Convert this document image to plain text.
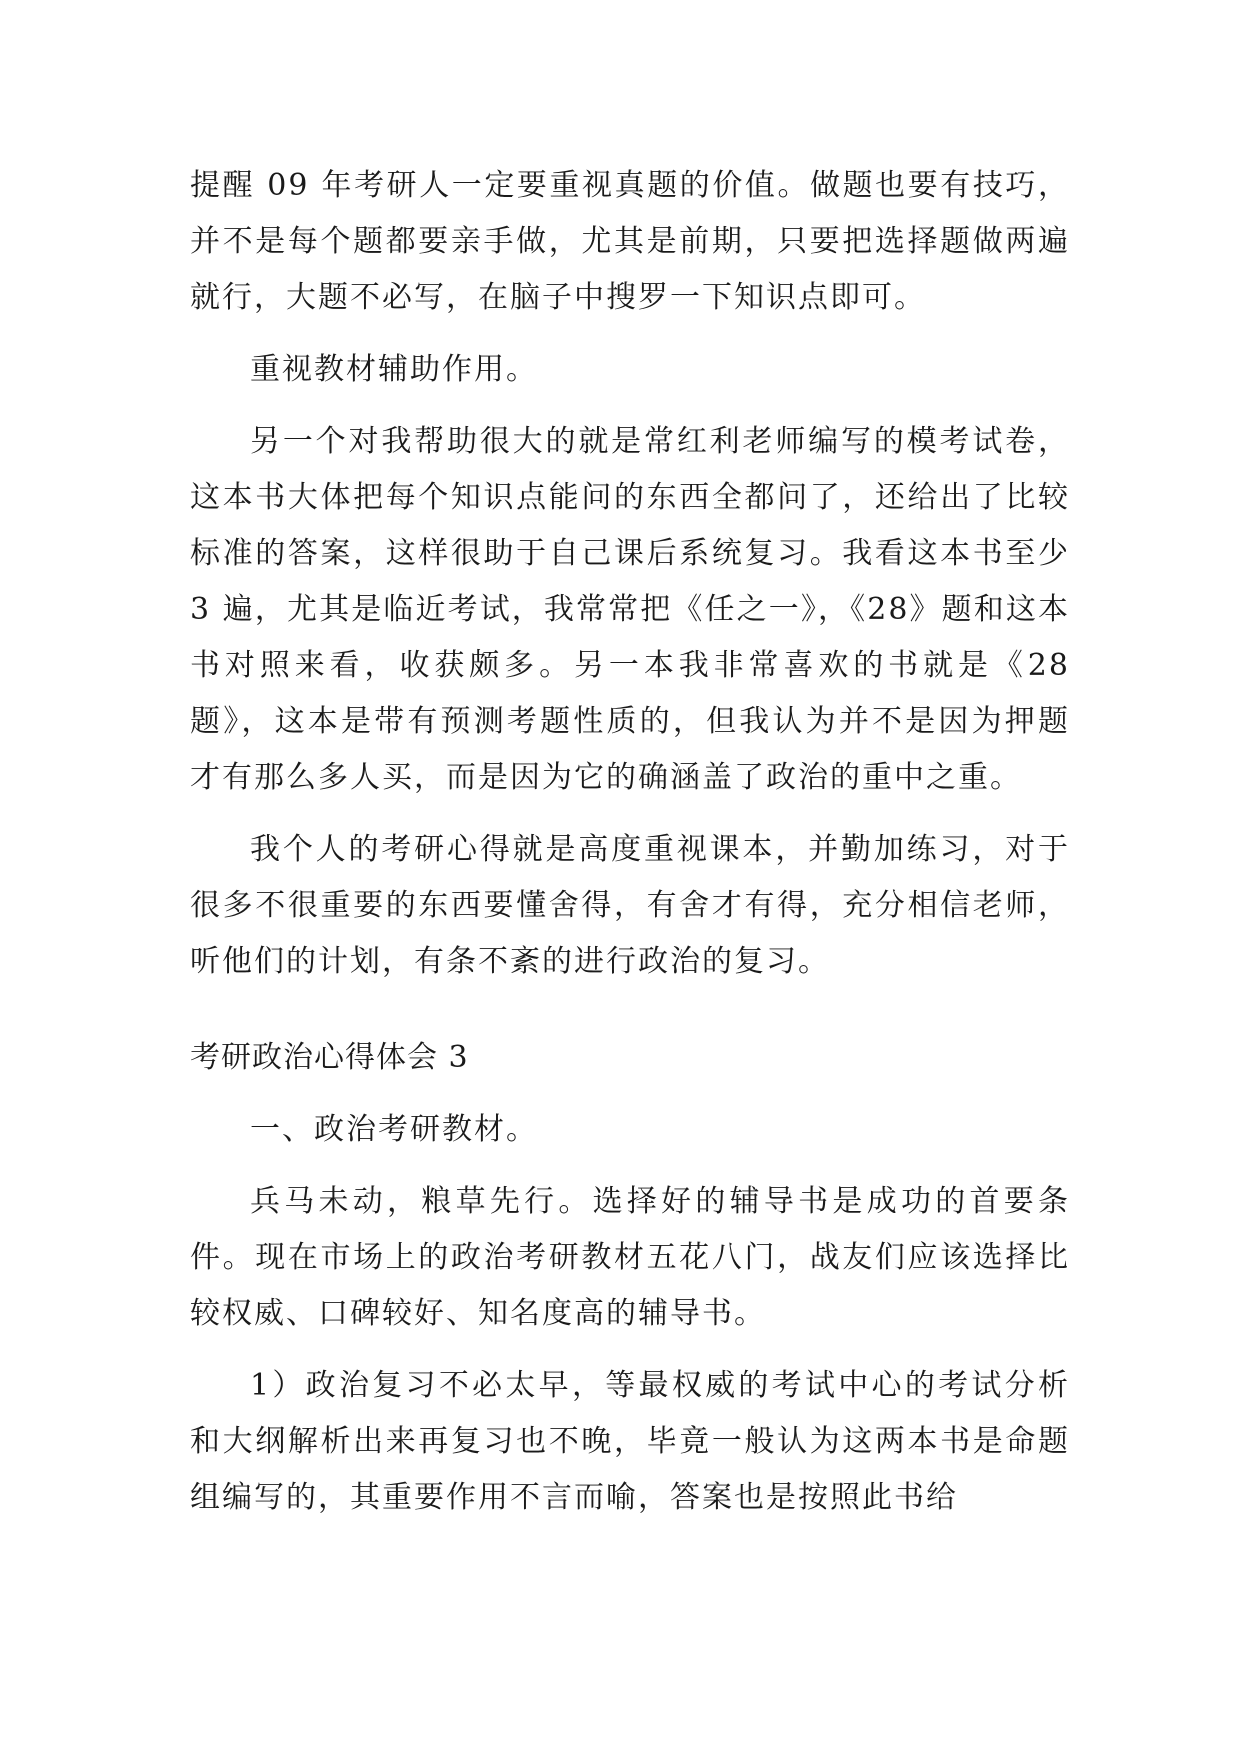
提醒 09 年考研人一定要重视真题的价值。做题也要有技巧，并不是每个题都要亲手做，尤其是前期，只要把选择题做两遍就行，大题不必写，在脑子中搜罗一下知识点即可。

重视教材辅助作用。

另一个对我帮助很大的就是常红利老师编写的模考试卷，这本书大体把每个知识点能问的东西全都问了，还给出了比较标准的答案，这样很助于自己课后系统复习。我看这本书至少 3 遍，尤其是临近考试，我常常把《任之一》，《28》题和这本书对照来看，收获颇多。另一本我非常喜欢的书就是《28 题》，这本是带有预测考题性质的，但我认为并不是因为押题才有那么多人买，而是因为它的确涵盖了政治的重中之重。

我个人的考研心得就是高度重视课本，并勤加练习，对于很多不很重要的东西要懂舍得，有舍才有得，充分相信老师，听他们的计划，有条不紊的进行政治的复习。

考研政治心得体会 3

一、政治考研教材。

兵马未动，粮草先行。选择好的辅导书是成功的首要条件。现在市场上的政治考研教材五花八门，战友们应该选择比较权威、口碑较好、知名度高的辅导书。

1）政治复习不必太早，等最权威的考试中心的考试分析和大纲解析出来再复习也不晚，毕竟一般认为这两本书是命题组编写的，其重要作用不言而喻，答案也是按照此书给
